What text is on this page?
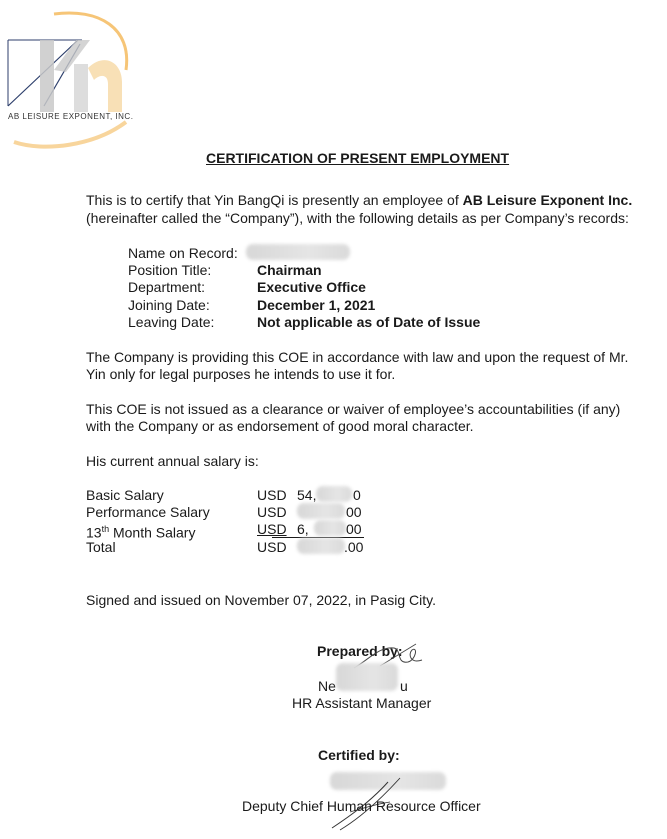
AB LEISURE EXPONENT, INC.
CERTIFICATION OF PRESENT EMPLOYMENT
This is to certify that Yin BangQi is presently an employee of AB Leisure Exponent Inc.
(hereinafter called the “Company”), with the following details as per Company’s records:
Name on Record:
Position Title:	Chairman
Department:	Executive Office
Joining Date:	December 1, 2021
Leaving Date:	Not applicable as of Date of Issue
The Company is providing this COE in accordance with law and upon the request of Mr.
Yin only for legal purposes he intends to use it for.
This COE is not issued as a clearance or waiver of employee’s accountabilities (if any)
with the Company or as endorsement of good moral character.
His current annual salary is:
Basic Salary	USD 54,	0
Performance Salary	USD	00
13th Month Salary	USD 6,	00
Total	USD	.00
Signed and issued on November 07, 2022, in Pasig City.
Prepared by:
Ne	u
HR Assistant Manager
Certified by:
Deputy Chief Human Resource Officer
